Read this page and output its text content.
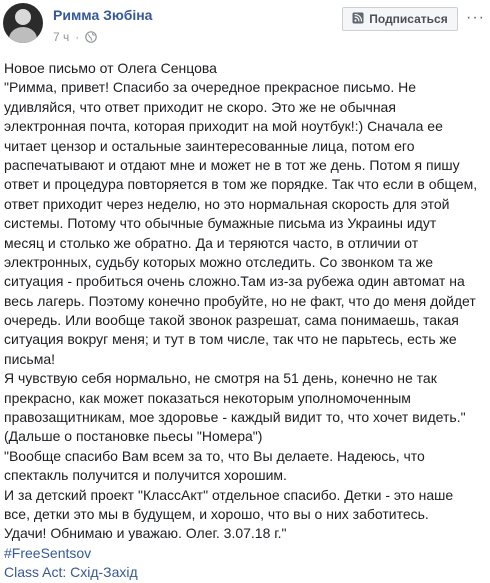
Римма Зюбіна
7 ч ·
Подписаться ···
Новое письмо от Олега Сенцова
"Римма, привет! Спасибо за очередное прекрасное письмо. Не
удивляйся, что ответ приходит не скоро. Это же не обычная
электронная почта, которая приходит на мой ноутбук!:) Сначала ее
читает цензор и остальные заинтересованные лица, потом его
распечатывают и отдают мне и может не в тот же день. Потом я пишу
ответ и процедура повторяется в том же порядке. Так что если в общем,
ответ приходит через неделю, но это нормальная скорость для этой
системы. Потому что обычные бумажные письма из Украины идут
месяц и столько же обратно. Да и теряются часто, в отличии от
электронных, судьбу которых можно отследить. Со звонком та же
ситуация - пробиться очень сложно.Там из-за рубежа один автомат на
весь лагерь. Поэтому конечно пробуйте, но не факт, что до меня дойдет
очередь. Или вообще такой звонок разрешат, сама понимаешь, такая
ситуация вокруг меня; и тут в том числе, так что не парьтесь, есть же
письма!
Я чувствую себя нормально, не смотря на 51 день, конечно не так
прекрасно, как может показаться некоторым уполномоченным
правозащитникам, мое здоровье - каждый видит то, что хочет видеть."
(Дальше о постановке пьесы "Номера")
"Вообще спасибо Вам всем за то, что Вы делаете. Надеюсь, что
спектакль получится и получится хорошим.
И за детский проект "КлассАкт" отдельное спасибо. Детки - это наше
все, детки это мы в будущем, и хорошо, что вы о них заботитесь.
Удачи! Обнимаю и уважаю. Олег. 3.07.18 г."
#FreeSentsov
Class Act: Схід-Захід
